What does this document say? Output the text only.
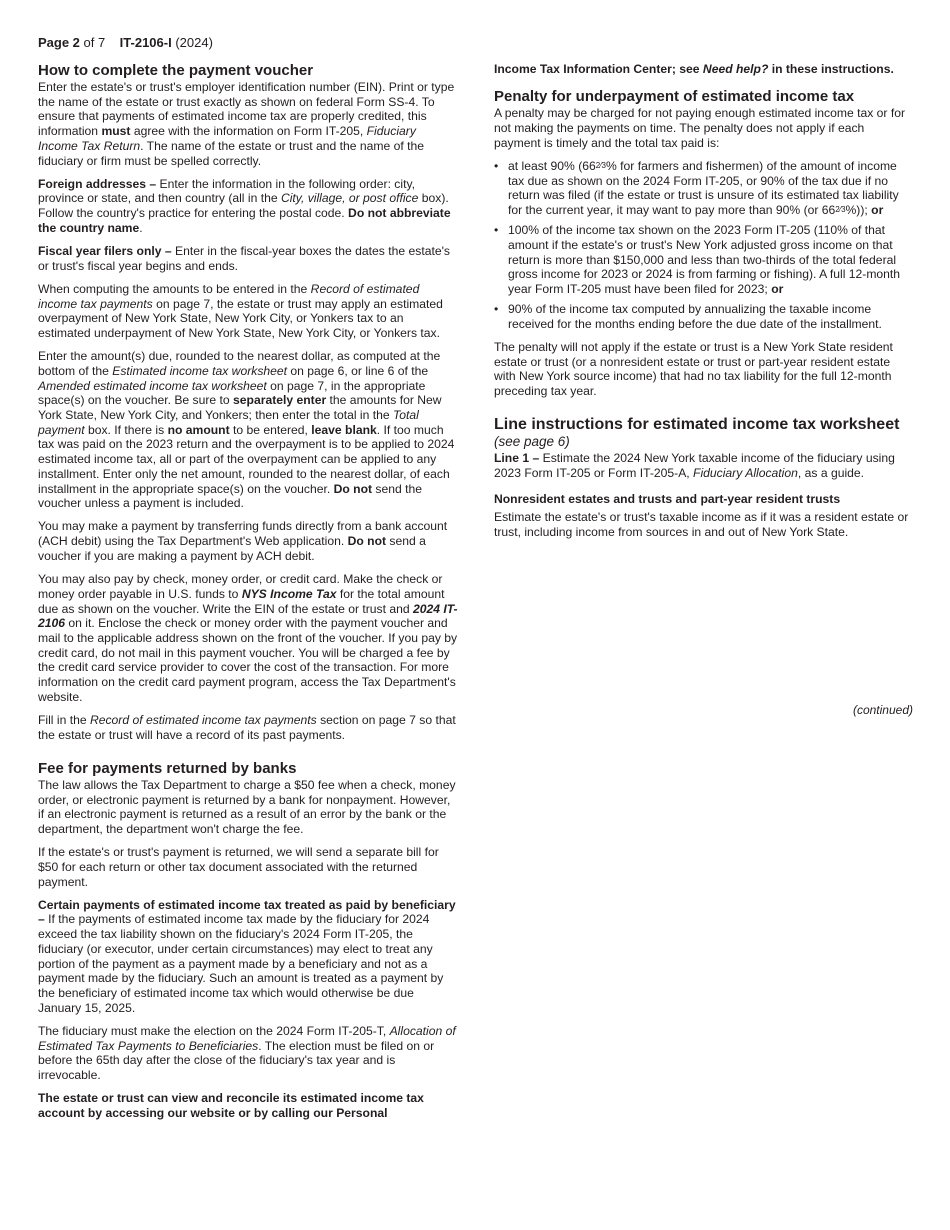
Page 2 of 7 IT-2106-I (2024)
How to complete the payment voucher

Enter the estate's or trust's employer identification number (EIN). Print or type the name of the estate or trust exactly as shown on federal Form SS-4. To ensure that payments of estimated income tax are properly credited, this information must agree with the information on Form IT-205, Fiduciary Income Tax Return. The name of the estate or trust and the name of the fiduciary or firm must be spelled correctly.

Foreign addresses – Enter the information in the following order: city, province or state, and then country (all in the City, village, or post office box). Follow the country's practice for entering the postal code. Do not abbreviate the country name.

Fiscal year filers only – Enter in the fiscal-year boxes the dates the estate's or trust's fiscal year begins and ends.

When computing the amounts to be entered in the Record of estimated income tax payments on page 7, the estate or trust may apply an estimated overpayment of New York State, New York City, or Yonkers tax to an estimated underpayment of New York State, New York City, or Yonkers tax.

Enter the amount(s) due, rounded to the nearest dollar, as computed at the bottom of the Estimated income tax worksheet on page 6, or line 6 of the Amended estimated income tax worksheet on page 7, in the appropriate space(s) on the voucher. Be sure to separately enter the amounts for New York State, New York City, and Yonkers; then enter the total in the Total payment box. If there is no amount to be entered, leave blank. If too much tax was paid on the 2023 return and the overpayment is to be applied to 2024 estimated income tax, all or part of the overpayment can be applied to any installment. Enter only the net amount, rounded to the nearest dollar, of each installment in the appropriate space(s) on the voucher. Do not send the voucher unless a payment is included.

You may make a payment by transferring funds directly from a bank account (ACH debit) using the Tax Department's Web application. Do not send a voucher if you are making a payment by ACH debit.

You may also pay by check, money order, or credit card. Make the check or money order payable in U.S. funds to NYS Income Tax for the total amount due as shown on the voucher. Write the EIN of the estate or trust and 2024 IT-2106 on it. Enclose the check or money order with the payment voucher and mail to the applicable address shown on the front of the voucher. If you pay by credit card, do not mail in this payment voucher. You will be charged a fee by the credit card service provider to cover the cost of the transaction. For more information on the credit card payment program, access the Tax Department's website.

Fill in the Record of estimated income tax payments section on page 7 so that the estate or trust will have a record of its past payments.

Fee for payments returned by banks

The law allows the Tax Department to charge a $50 fee when a check, money order, or electronic payment is returned by a bank for nonpayment. However, if an electronic payment is returned as a result of an error by the bank or the department, the department won't charge the fee.

If the estate's or trust's payment is returned, we will send a separate bill for $50 for each return or other tax document associated with the returned payment.

Certain payments of estimated income tax treated as paid by beneficiary – If the payments of estimated income tax made by the fiduciary for 2024 exceed the tax liability shown on the fiduciary's 2024 Form IT-205, the fiduciary (or executor, under certain circumstances) may elect to treat any portion of the payment as a payment made by a beneficiary and not as a payment made by the fiduciary. Such an amount is treated as a payment by the beneficiary of estimated income tax which would otherwise be due January 15, 2025.

The fiduciary must make the election on the 2024 Form IT-205-T, Allocation of Estimated Tax Payments to Beneficiaries. The election must be filed on or before the 65th day after the close of the fiduciary's tax year and is irrevocable.

The estate or trust can view and reconcile its estimated income tax account by accessing our website or by calling our Personal

Income Tax Information Center; see Need help? in these instructions.

Penalty for underpayment of estimated income tax

A penalty may be charged for not paying enough estimated income tax or for not making the payments on time. The penalty does not apply if each payment is timely and the total tax paid is:

• at least 90% (662⁄3% for farmers and fishermen) of the amount of income tax due as shown on the 2024 Form IT-205, or 90% of the tax due if no return was filed (if the estate or trust is unsure of its estimated tax liability for the current year, it may want to pay more than 90% (or 662⁄3%)); or
• 100% of the income tax shown on the 2023 Form IT-205 (110% of that amount if the estate's or trust's New York adjusted gross income on that return is more than $150,000 and less than two-thirds of the total federal gross income for 2023 or 2024 is from farming or fishing). A full 12-month year Form IT-205 must have been filed for 2023; or
• 90% of the income tax computed by annualizing the taxable income received for the months ending before the due date of the installment.

The penalty will not apply if the estate or trust is a New York State resident estate or trust (or a nonresident estate or trust or part-year resident estate with New York source income) that had no tax liability for the full 12-month preceding tax year.

Line instructions for estimated income tax worksheet
(see page 6)

Line 1 – Estimate the 2024 New York taxable income of the fiduciary using 2023 Form IT-205 or Form IT-205-A, Fiduciary Allocation, as a guide.

Nonresident estates and trusts and part-year resident trusts

Estimate the estate's or trust's taxable income as if it was a resident estate or trust, including income from sources in and out of New York State.

(continued)
